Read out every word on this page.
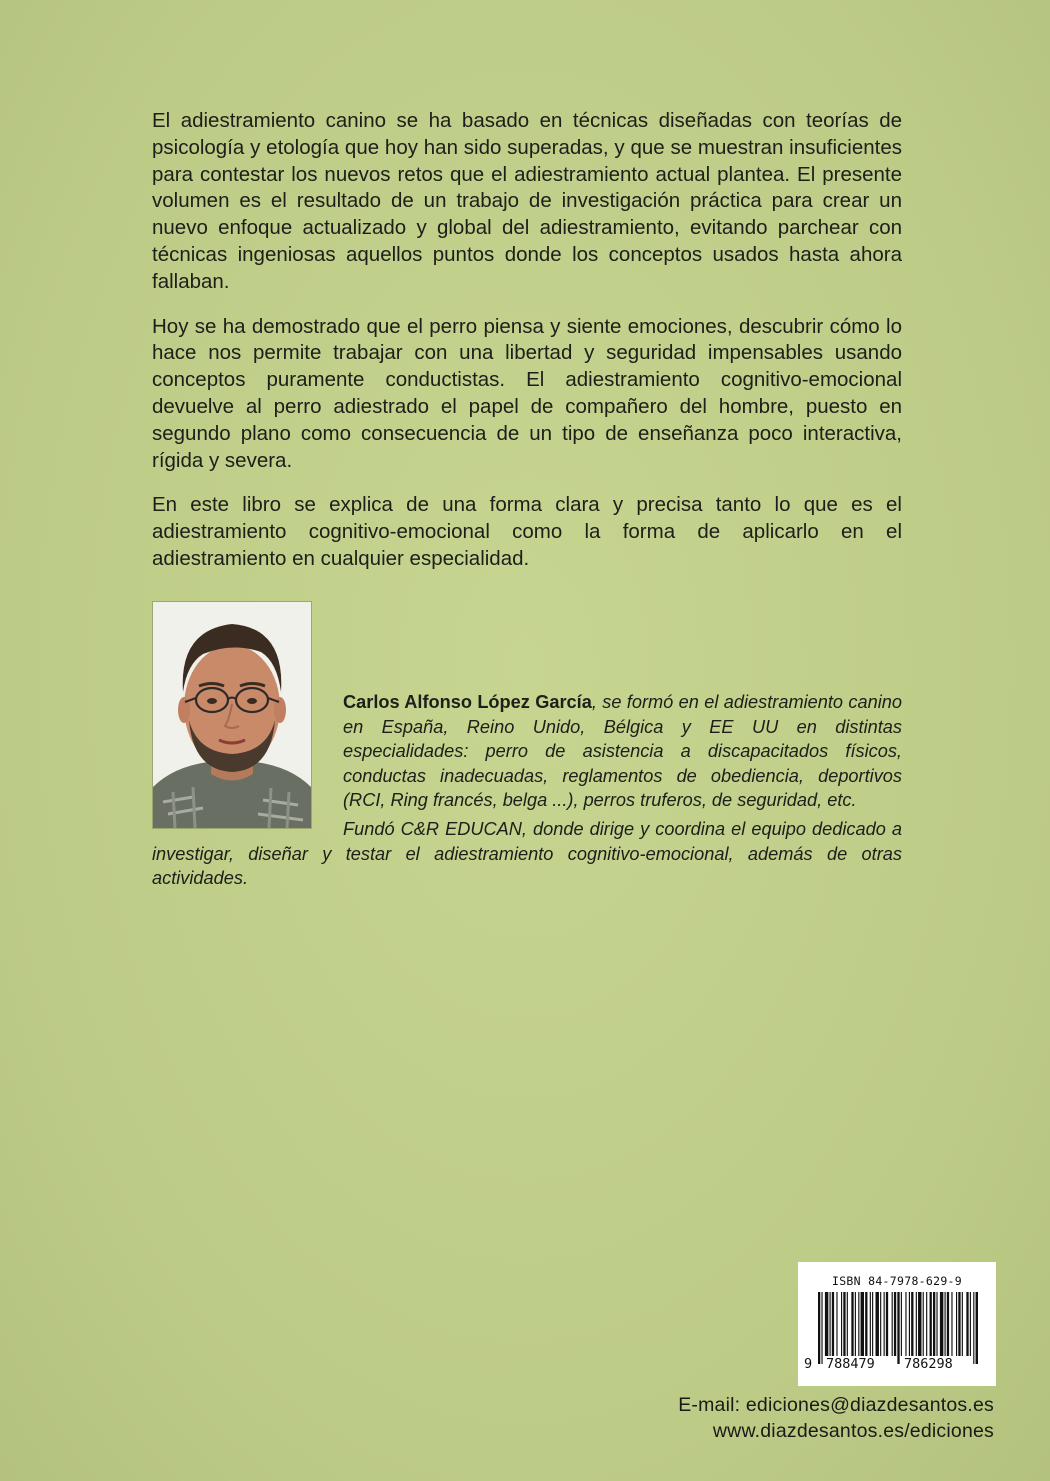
El adiestramiento canino se ha basado en técnicas diseñadas con teorías de psicología y etología que hoy han sido superadas, y que se muestran insuficientes para contestar los nuevos retos que el adiestramiento actual plantea. El presente volumen es el resultado de un trabajo de investigación práctica para crear un nuevo enfoque actualizado y global del adiestramiento, evitando parchear con técnicas ingeniosas aquellos puntos donde los conceptos usados hasta ahora fallaban.

Hoy se ha demostrado que el perro piensa y siente emociones, descubrir cómo lo hace nos permite trabajar con una libertad y seguridad impensables usando conceptos puramente conductistas. El adiestramiento cognitivo-emocional devuelve al perro adiestrado el papel de compañero del hombre, puesto en segundo plano como consecuencia de un tipo de enseñanza poco interactiva, rígida y severa.

En este libro se explica de una forma clara y precisa tanto lo que es el adiestramiento cognitivo-emocional como la forma de aplicarlo en el adiestramiento en cualquier especialidad.

Carlos Alfonso López García, se formó en el adiestramiento canino en España, Reino Unido, Bélgica y EE UU en distintas especialidades: perro de asistencia a discapacitados físicos, conductas inadecuadas, reglamentos de obediencia, deportivos (RCI, Ring francés, belga ...), perros truferos, de seguridad, etc.

Fundó C&R EDUCAN, donde dirige y coordina el equipo dedicado a investigar, diseñar y testar el adiestramiento cognitivo-emocional, además de otras actividades.

ISBN 84-7978-629-9
9 788479 786298
E-mail: ediciones@diazdesantos.es
www.diazdesantos.es/ediciones
